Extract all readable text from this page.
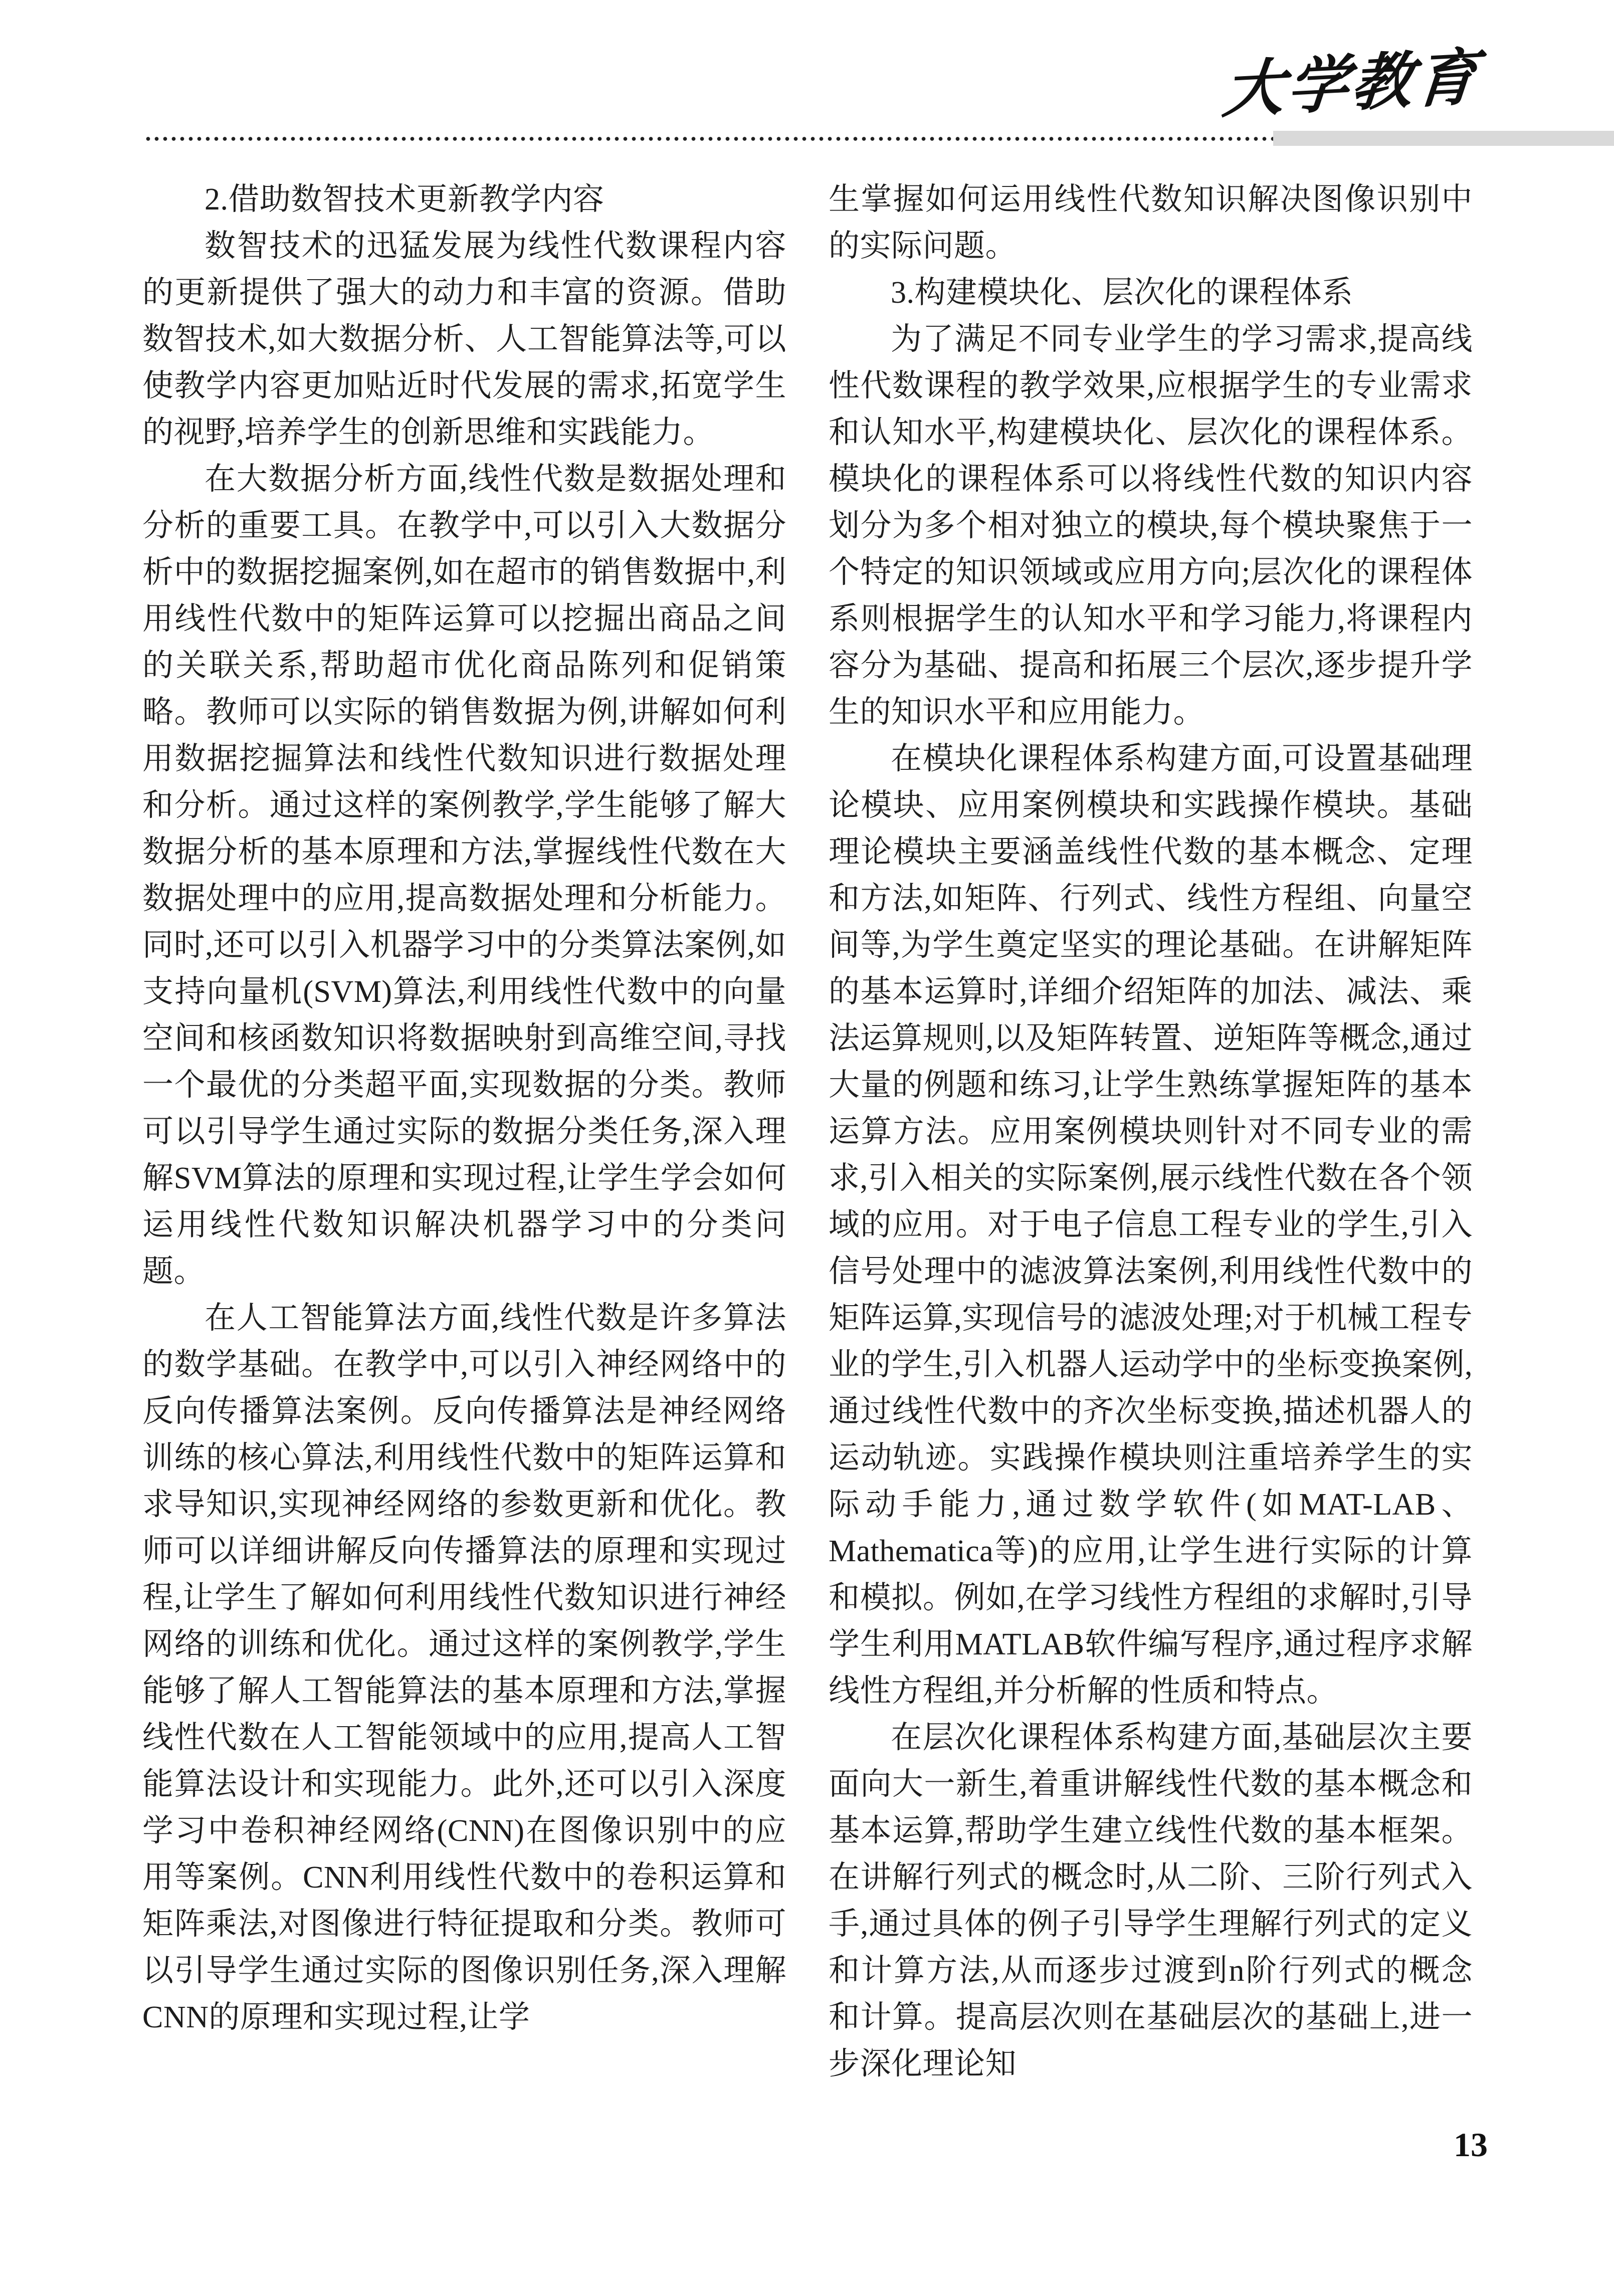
大学教育

2.借助数智技术更新教学内容

数智技术的迅猛发展为线性代数课程内容的更新提供了强大的动力和丰富的资源。借助数智技术,如大数据分析、人工智能算法等,可以使教学内容更加贴近时代发展的需求,拓宽学生的视野,培养学生的创新思维和实践能力。

在大数据分析方面,线性代数是数据处理和分析的重要工具。在教学中,可以引入大数据分析中的数据挖掘案例,如在超市的销售数据中,利用线性代数中的矩阵运算可以挖掘出商品之间的关联关系,帮助超市优化商品陈列和促销策略。教师可以实际的销售数据为例,讲解如何利用数据挖掘算法和线性代数知识进行数据处理和分析。通过这样的案例教学,学生能够了解大数据分析的基本原理和方法,掌握线性代数在大数据处理中的应用,提高数据处理和分析能力。同时,还可以引入机器学习中的分类算法案例,如支持向量机(SVM)算法,利用线性代数中的向量空间和核函数知识将数据映射到高维空间,寻找一个最优的分类超平面,实现数据的分类。教师可以引导学生通过实际的数据分类任务,深入理解SVM算法的原理和实现过程,让学生学会如何运用线性代数知识解决机器学习中的分类问题。

在人工智能算法方面,线性代数是许多算法的数学基础。在教学中,可以引入神经网络中的反向传播算法案例。反向传播算法是神经网络训练的核心算法,利用线性代数中的矩阵运算和求导知识,实现神经网络的参数更新和优化。教师可以详细讲解反向传播算法的原理和实现过程,让学生了解如何利用线性代数知识进行神经网络的训练和优化。通过这样的案例教学,学生能够了解人工智能算法的基本原理和方法,掌握线性代数在人工智能领域中的应用,提高人工智能算法设计和实现能力。此外,还可以引入深度学习中卷积神经网络(CNN)在图像识别中的应用等案例。CNN利用线性代数中的卷积运算和矩阵乘法,对图像进行特征提取和分类。教师可以引导学生通过实际的图像识别任务,深入理解CNN的原理和实现过程,让学

生掌握如何运用线性代数知识解决图像识别中的实际问题。

3.构建模块化、层次化的课程体系

为了满足不同专业学生的学习需求,提高线性代数课程的教学效果,应根据学生的专业需求和认知水平,构建模块化、层次化的课程体系。模块化的课程体系可以将线性代数的知识内容划分为多个相对独立的模块,每个模块聚焦于一个特定的知识领域或应用方向;层次化的课程体系则根据学生的认知水平和学习能力,将课程内容分为基础、提高和拓展三个层次,逐步提升学生的知识水平和应用能力。

在模块化课程体系构建方面,可设置基础理论模块、应用案例模块和实践操作模块。基础理论模块主要涵盖线性代数的基本概念、定理和方法,如矩阵、行列式、线性方程组、向量空间等,为学生奠定坚实的理论基础。在讲解矩阵的基本运算时,详细介绍矩阵的加法、减法、乘法运算规则,以及矩阵转置、逆矩阵等概念,通过大量的例题和练习,让学生熟练掌握矩阵的基本运算方法。应用案例模块则针对不同专业的需求,引入相关的实际案例,展示线性代数在各个领域的应用。对于电子信息工程专业的学生,引入信号处理中的滤波算法案例,利用线性代数中的矩阵运算,实现信号的滤波处理;对于机械工程专业的学生,引入机器人运动学中的坐标变换案例,通过线性代数中的齐次坐标变换,描述机器人的运动轨迹。实践操作模块则注重培养学生的实际动手能力,通过数学软件(如MAT-LAB、Mathematica等)的应用,让学生进行实际的计算和模拟。例如,在学习线性方程组的求解时,引导学生利用MATLAB软件编写程序,通过程序求解线性方程组,并分析解的性质和特点。

在层次化课程体系构建方面,基础层次主要面向大一新生,着重讲解线性代数的基本概念和基本运算,帮助学生建立线性代数的基本框架。在讲解行列式的概念时,从二阶、三阶行列式入手,通过具体的例子引导学生理解行列式的定义和计算方法,从而逐步过渡到n阶行列式的概念和计算。提高层次则在基础层次的基础上,进一步深化理论知

13
